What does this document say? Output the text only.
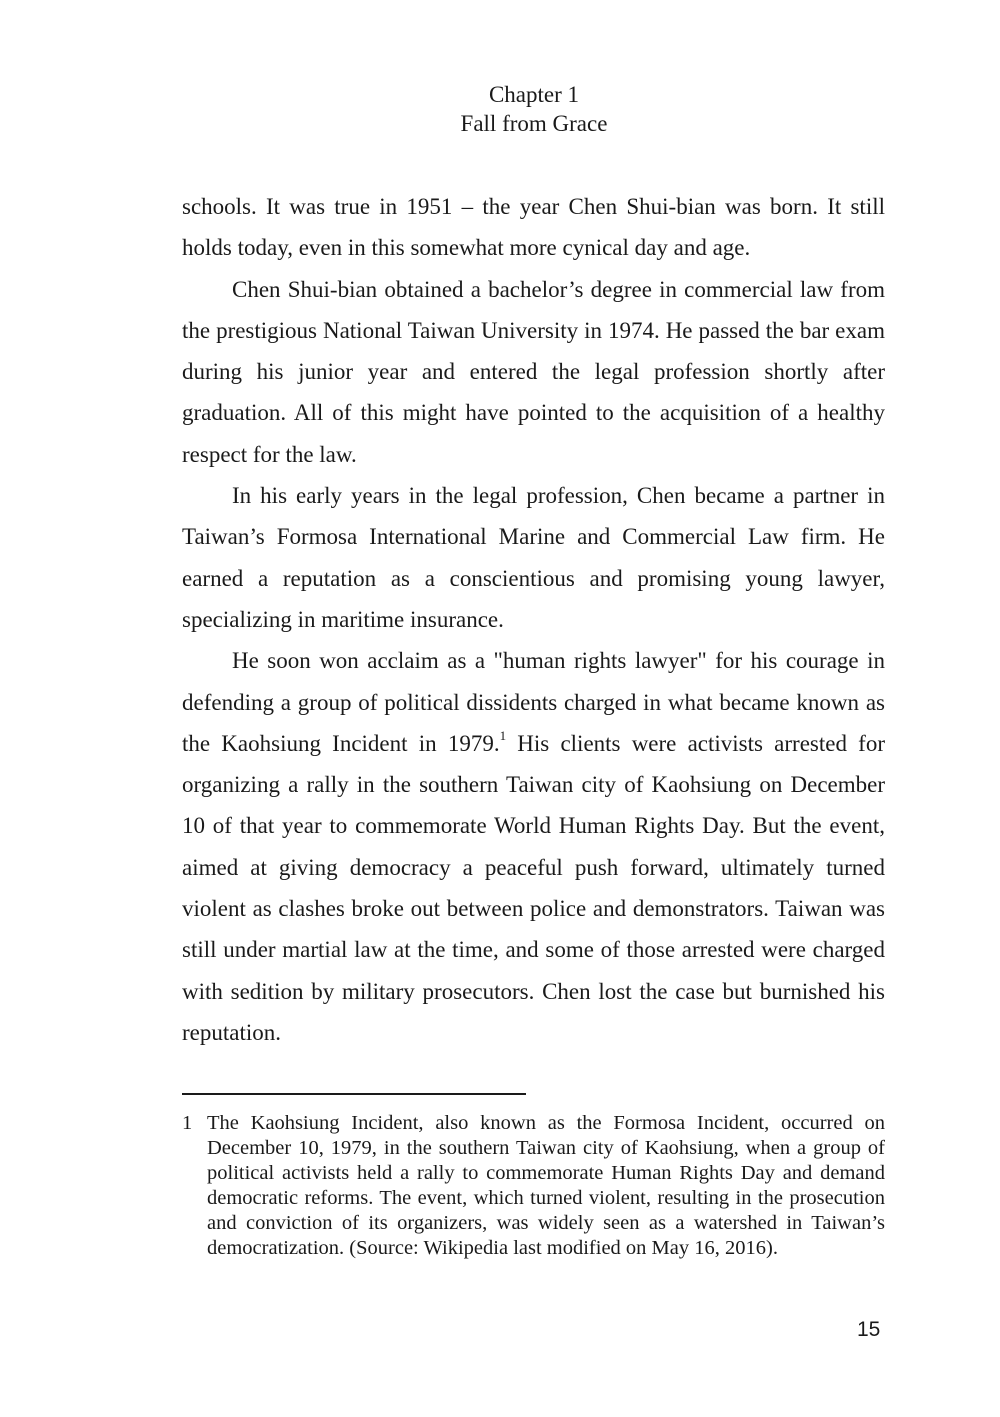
Chapter 1
Fall from Grace

schools. It was true in 1951 – the year Chen Shui-bian was born. It still holds today, even in this somewhat more cynical day and age.

Chen Shui-bian obtained a bachelor’s degree in commercial law from the prestigious National Taiwan University in 1974. He passed the bar exam during his junior year and entered the legal profession shortly after graduation. All of this might have pointed to the acquisition of a healthy respect for the law.

In his early years in the legal profession, Chen became a partner in Taiwan’s Formosa International Marine and Commercial Law firm. He earned a reputation as a conscientious and promising young lawyer, specializing in maritime insurance.

He soon won acclaim as a "human rights lawyer" for his courage in defending a group of political dissidents charged in what became known as the Kaohsiung Incident in 1979.$^1$ His clients were activists arrested for organizing a rally in the southern Taiwan city of Kaohsiung on December 10 of that year to commemorate World Human Rights Day. But the event, aimed at giving democracy a peaceful push forward, ultimately turned violent as clashes broke out between police and demonstrators. Taiwan was still under martial law at the time, and some of those arrested were charged with sedition by military prosecutors. Chen lost the case but burnished his reputation.

1 The Kaohsiung Incident, also known as the Formosa Incident, occurred on December 10, 1979, in the southern Taiwan city of Kaohsiung, when a group of political activists held a rally to commemorate Human Rights Day and demand democratic reforms. The event, which turned violent, resulting in the prosecution and conviction of its organizers, was widely seen as a watershed in Taiwan’s democratization. (Source: Wikipedia last modified on May 16, 2016).
15
